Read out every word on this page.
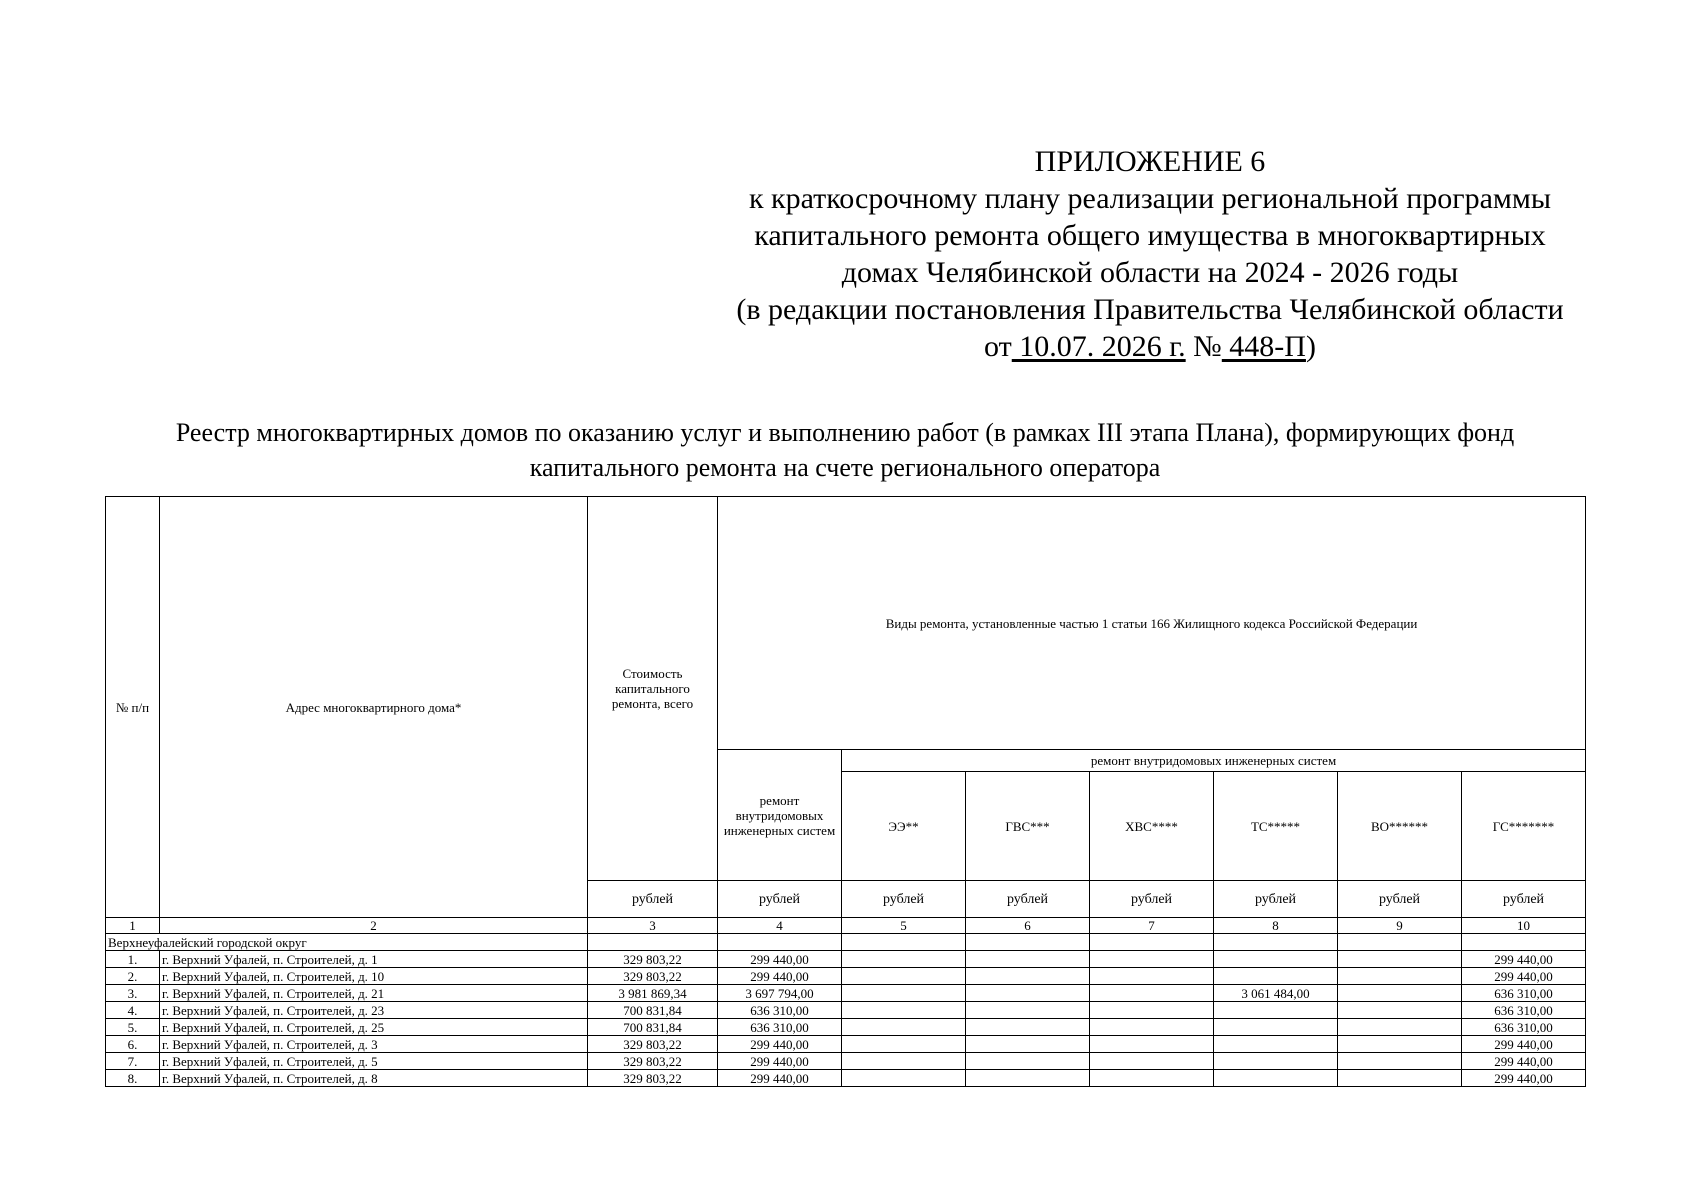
ПРИЛОЖЕНИЕ 6
к краткосрочному плану реализации региональной программы
капитального ремонта общего имущества в многоквартирных
домах Челябинской области на 2024 - 2026 годы
(в редакции постановления Правительства Челябинской области
от 10.07. 2026 г. № 448-П)
Реестр многоквартирных домов по оказанию услуг и выполнению работ (в рамках III этапа Плана), формирующих фонд
капитального ремонта на счете регионального оператора
№ п/п	Адрес многоквартирного дома*	Стоимость капитального ремонта, всего	Виды ремонта, установленные частью 1 статьи 166 Жилищного кодекса Российской Федерации						
			ремонт внутридомовых инженерных систем	ремонт внутридомовых инженерных систем					
				ЭЭ**	ГВС***	ХВС****	ТС*****	ВО******	ГС*******
		рублей	рублей	рублей	рублей	рублей	рублей	рублей	рублей
1	2	3	4	5	6	7	8	9	10
Верхнеуфалейский городской округ									
1.	г. Верхний Уфалей, п. Строителей, д. 1	329 803,22	299 440,00						299 440,00
2.	г. Верхний Уфалей, п. Строителей, д. 10	329 803,22	299 440,00						299 440,00
3.	г. Верхний Уфалей, п. Строителей, д. 21	3 981 869,34	3 697 794,00				3 061 484,00		636 310,00
4.	г. Верхний Уфалей, п. Строителей, д. 23	700 831,84	636 310,00						636 310,00
5.	г. Верхний Уфалей, п. Строителей, д. 25	700 831,84	636 310,00						636 310,00
6.	г. Верхний Уфалей, п. Строителей, д. 3	329 803,22	299 440,00						299 440,00
7.	г. Верхний Уфалей, п. Строителей, д. 5	329 803,22	299 440,00						299 440,00
8.	г. Верхний Уфалей, п. Строителей, д. 8	329 803,22	299 440,00						299 440,00
